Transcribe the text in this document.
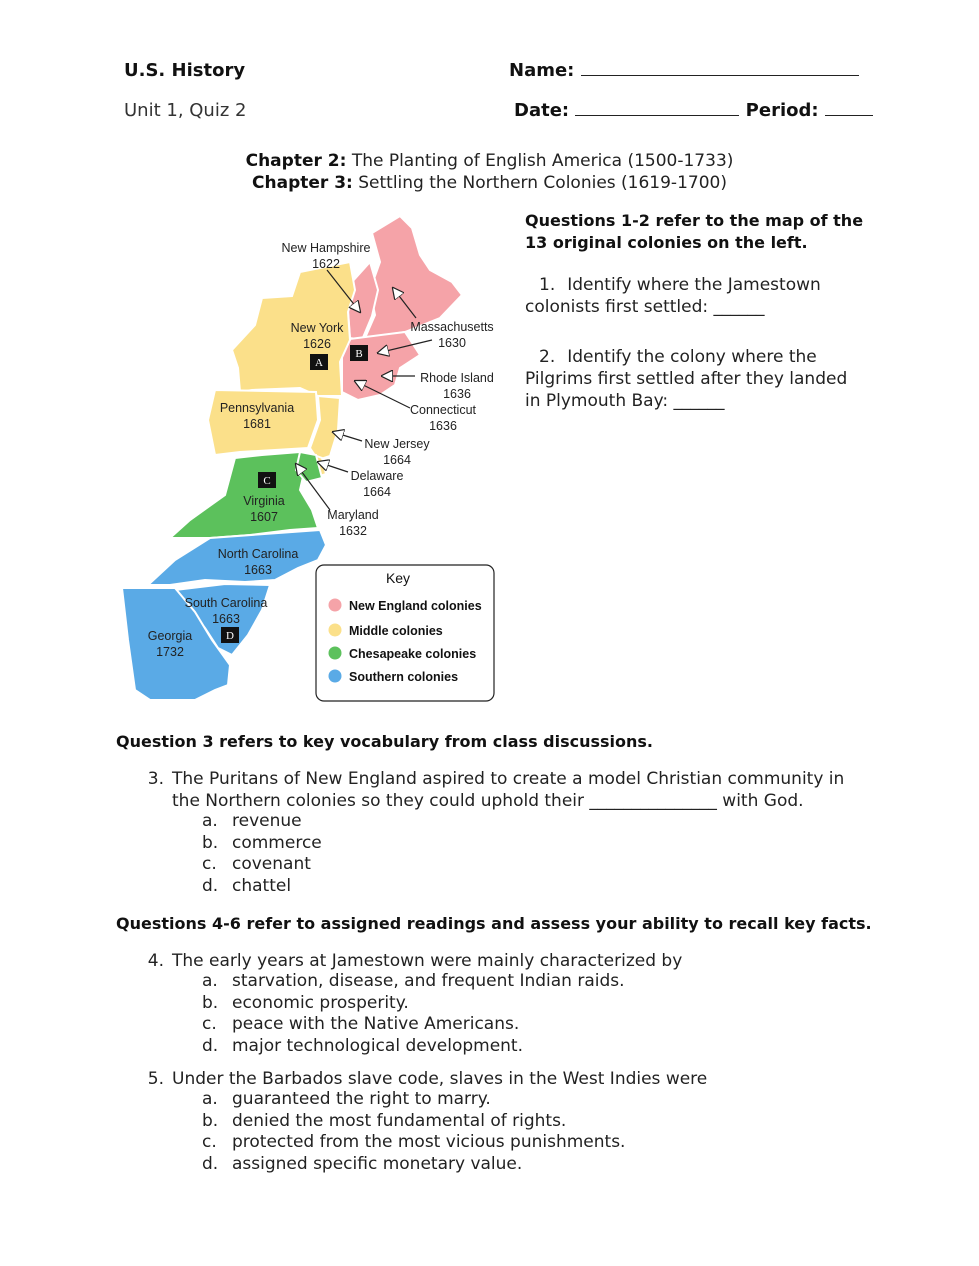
U.S. History
Unit 1, Quiz 2
Name:
Date:	Period:
Chapter 2: The Planting of English America (1500-1733)
Chapter 3: Settling the Northern Colonies (1619-1700)
A
B
C
D
New Hampshire
1622
New York
1626
Massachusetts
1630
Rhode Island
1636
Connecticut
1636
Pennsylvania
1681
New Jersey
1664
Delaware
1664
Virginia
1607	Maryland
1632
North Carolina
1663
South Carolina
1663
Georgia
1732
Key
New England colonies
Middle colonies
Chesapeake colonies
Southern colonies
Questions 1-2 refer to the map of the 13 original colonies on the left.
1. Identify where the Jamestown colonists first settled: ______
2. Identify the colony where the Pilgrims first settled after they landed in Plymouth Bay: ______
Question 3 refers to key vocabulary from class discussions.
3. The Puritans of New England aspired to create a model Christian community in the Northern colonies so they could uphold their _______________ with God.
a. revenue
b. commerce
c. covenant
d. chattel
Questions 4-6 refer to assigned readings and assess your ability to recall key facts.
4. The early years at Jamestown were mainly characterized by
a. starvation, disease, and frequent Indian raids.
b. economic prosperity.
c. peace with the Native Americans.
d. major technological development.
5. Under the Barbados slave code, slaves in the West Indies were
a. guaranteed the right to marry.
b. denied the most fundamental of rights.
c. protected from the most vicious punishments.
d. assigned specific monetary value.
